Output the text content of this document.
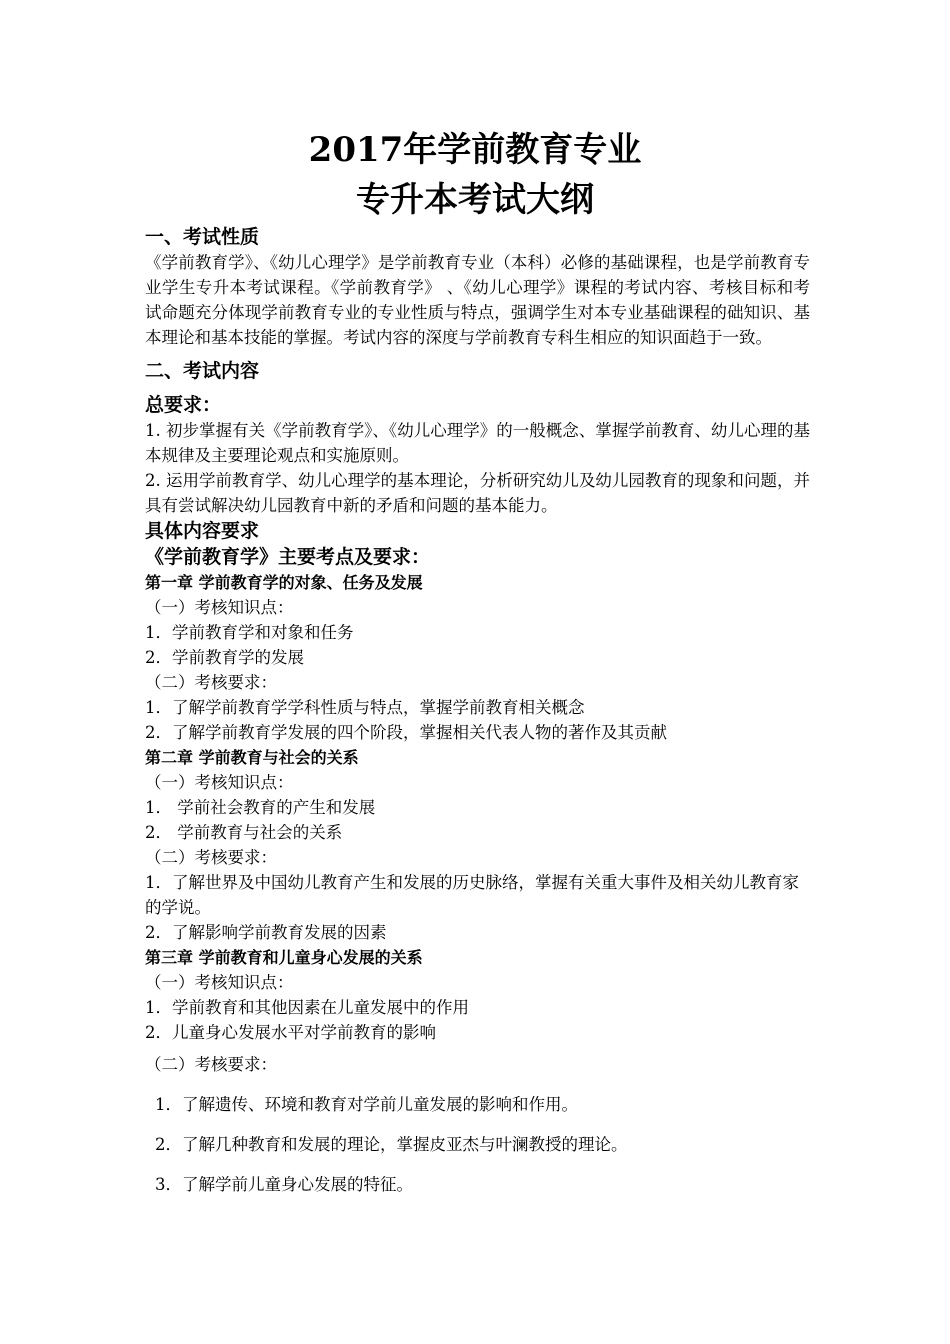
2017年学前教育专业
专升本考试大纲
一、考试性质

《学前教育学》、《幼儿心理学》是学前教育专业（本科）必修的基础课程，也是学前教育专业学生专升本考试课程。《学前教育学》 、《幼儿心理学》课程的考试内容、考核目标和考试命题充分体现学前教育专业的专业性质与特点，强调学生对本专业基础课程的础知识、基本理论和基本技能的掌握。考试内容的深度与学前教育专科生相应的知识面趋于一致。

二、考试内容
总要求：

1. 初步掌握有关《学前教育学》、《幼儿心理学》的一般概念、掌握学前教育、幼儿心理的基本规律及主要理论观点和实施原则。

2. 运用学前教育学、幼儿心理学的基本理论，分析研究幼儿及幼儿园教育的现象和问题，并具有尝试解决幼儿园教育中新的矛盾和问题的基本能力。

具体内容要求
《学前教育学》主要考点及要求：
第一章 学前教育学的对象、任务及发展
（一）考核知识点：
1．学前教育学和对象和任务
2．学前教育学的发展
（二）考核要求：
1．了解学前教育学学科性质与特点，掌握学前教育相关概念
2．了解学前教育学发展的四个阶段，掌握相关代表人物的著作及其贡献
第二章 学前教育与社会的关系
（一）考核知识点：
1． 学前社会教育的产生和发展
2． 学前教育与社会的关系
（二）考核要求：
1．了解世界及中国幼儿教育产生和发展的历史脉络，掌握有关重大事件及相关幼儿教育家的学说。
2．了解影响学前教育发展的因素
第三章 学前教育和儿童身心发展的关系
（一）考核知识点：
1．学前教育和其他因素在儿童发展中的作用
2．儿童身心发展水平对学前教育的影响
（二）考核要求：
1．了解遗传、环境和教育对学前儿童发展的影响和作用。
2．了解几种教育和发展的理论，掌握皮亚杰与叶澜教授的理论。
3．了解学前儿童身心发展的特征。
